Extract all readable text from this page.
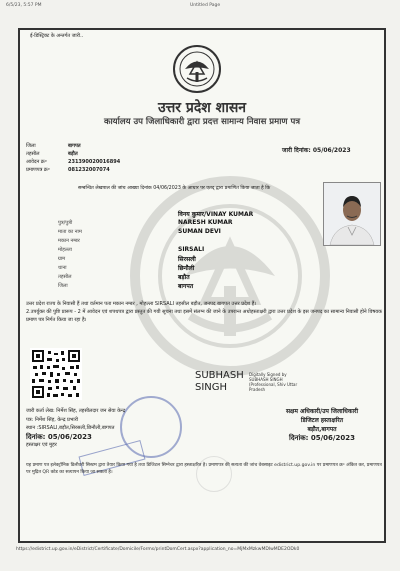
6/5/23, 5:57 PM	Untitled Page
ई-डिस्ट्रिक्ट के अन्तर्गत जारी..
उत्तर प्रदेश शासन
कार्यालय उप जिलाधिकारी द्वारा प्रदत्त सामान्य निवास प्रमाण पत्र
जिला	बागपत
तहसील	बड़ौत
आवेदन क्र॰	231390020016894
प्रमाणपत्र क्र॰	081232007074
जारी दिनांक: 05/06/2023
सम्बन्धित लेखपाल की जांच आख्या दिनांक 04/06/2023 के आधार पर एतद् द्वारा प्रमाणित किया जाता है कि
विनय कुमार/VINAY KUMAR
पुत्र/पुत्री	NARESH KUMAR
माता का नाम	SUMAN DEVI
मकान नम्बर
मोहल्ला	SIRSALI
ग्राम	सिरसली
थाना	छिनौली
तहसील	बड़ौत
जिला	बागपत
उत्तर प्रदेश राज्य के निवासी हैं तथा वर्तमान पता मकान नम्बर , मोहल्ला SIRSALI तहसील बड़ौत, जनपद बागपत उत्तर प्रदेश हैं।
2.उपर्युक्त की पुष्टि प्रारूप - 2 में आवेदन एवं शपथपत्र द्वारा प्रस्तुत की गयी सूचना तथा इसमें संलग्न की जाने के उपरान्त अधोहस्ताक्षरी द्वारा उत्तर प्रदेश के इस जनपद का सामान्य निवासी होने विषयक प्रमाण पत्र निर्गत किया जा रहा है।
जारी कर्ता लेख: निर्मेश सिंह, तहसीलदार जन सेवा केन्द्र
पत्र: निर्मेश सिंह, केन्द्र प्रभारी
स्थान :SIRSALI,बड़ौत,सिरसली,छिनौली,बागपत
दिनांक: 05/06/2023
हस्ताक्षर एवं मुहर
SUBHASH SINGH
Digitally Signed by SUBHASH SINGH (Professional, Shiv Uttar Pradesh
सक्षम अधिकारी/उप जिलाधिकारी
डिजिटल हस्ताक्षरित
बड़ौत,बागपत
दिनांक: 05/06/2023
यह प्रमाण पत्र इलेक्ट्रॉनिक डिलीवरी सिस्टम द्वारा तैयार किया गया है तथा डिजिटल सिग्नेचर द्वारा हस्ताक्षरित है। प्रमाणपत्र की सत्यता की जांच वेबसाइट edistrict.up.gov.in पर प्रमाणपत्र क्र॰ अंकित कर, प्रमाणपत्र पर मुद्रित QR कोड का सत्यापन किया जा सकता है।
https://edistrict.up.gov.in/eDistrict/Certificate/Domicile/Forms/printDomCert.aspx?application_no=MjMxMzkwMDIwMDE2ODk0
